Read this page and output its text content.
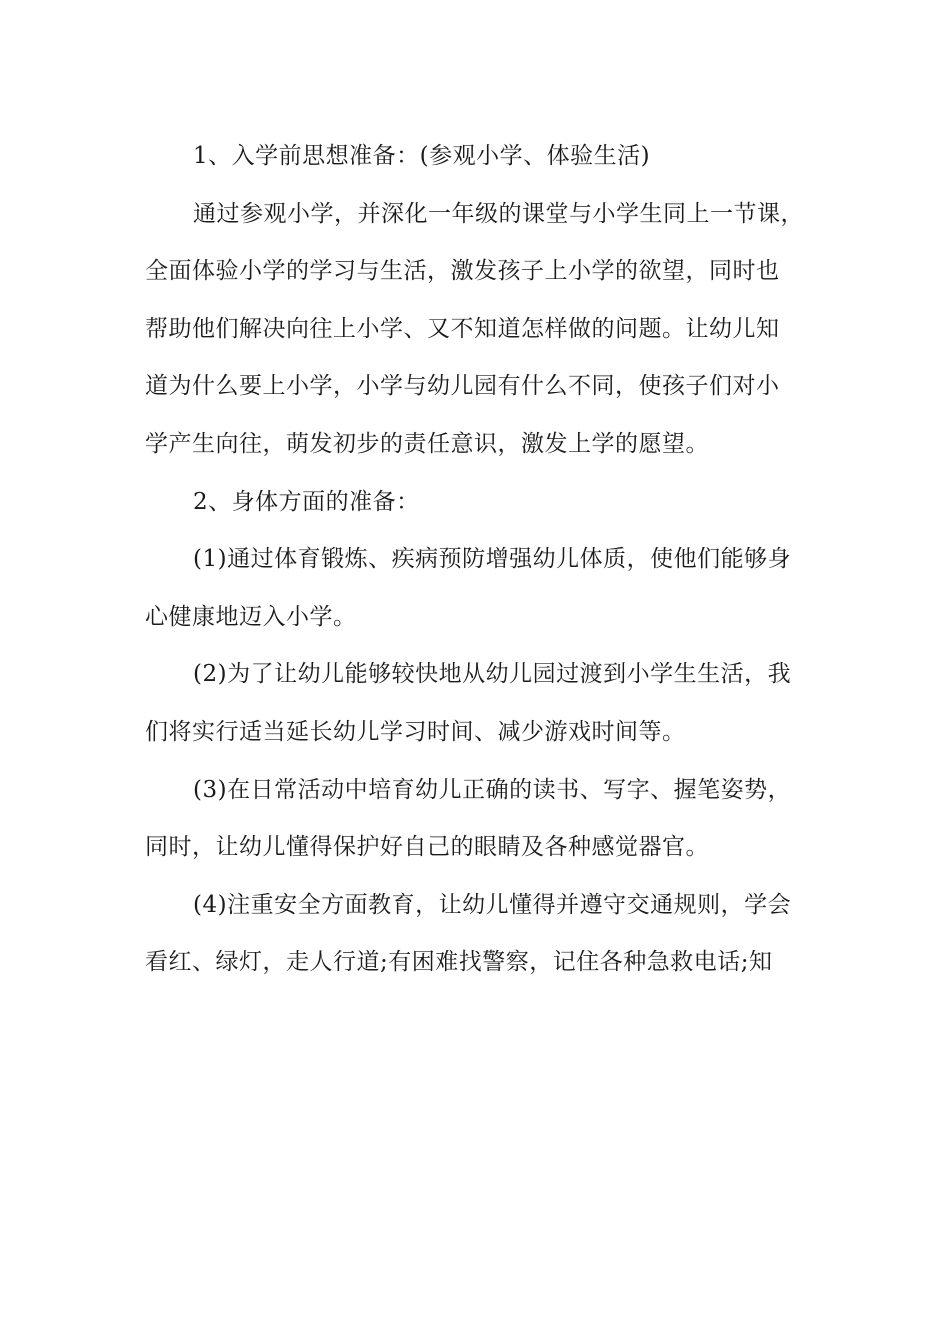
1、入学前思想准备：(参观小学、体验生活)
通过参观小学，并深化一年级的课堂与小学生同上一节课，
全面体验小学的学习与生活，激发孩子上小学的欲望，同时也
帮助他们解决向往上小学、又不知道怎样做的问题。让幼儿知
道为什么要上小学，小学与幼儿园有什么不同，使孩子们对小
学产生向往，萌发初步的责任意识，激发上学的愿望。
2、身体方面的准备：
(1)通过体育锻炼、疾病预防增强幼儿体质，使他们能够身
心健康地迈入小学。
(2)为了让幼儿能够较快地从幼儿园过渡到小学生生活，我
们将实行适当延长幼儿学习时间、减少游戏时间等。
(3)在日常活动中培育幼儿正确的读书、写字、握笔姿势，
同时，让幼儿懂得保护好自己的眼睛及各种感觉器官。
(4)注重安全方面教育，让幼儿懂得并遵守交通规则，学会
看红、绿灯，走人行道;有困难找警察，记住各种急救电话;知
